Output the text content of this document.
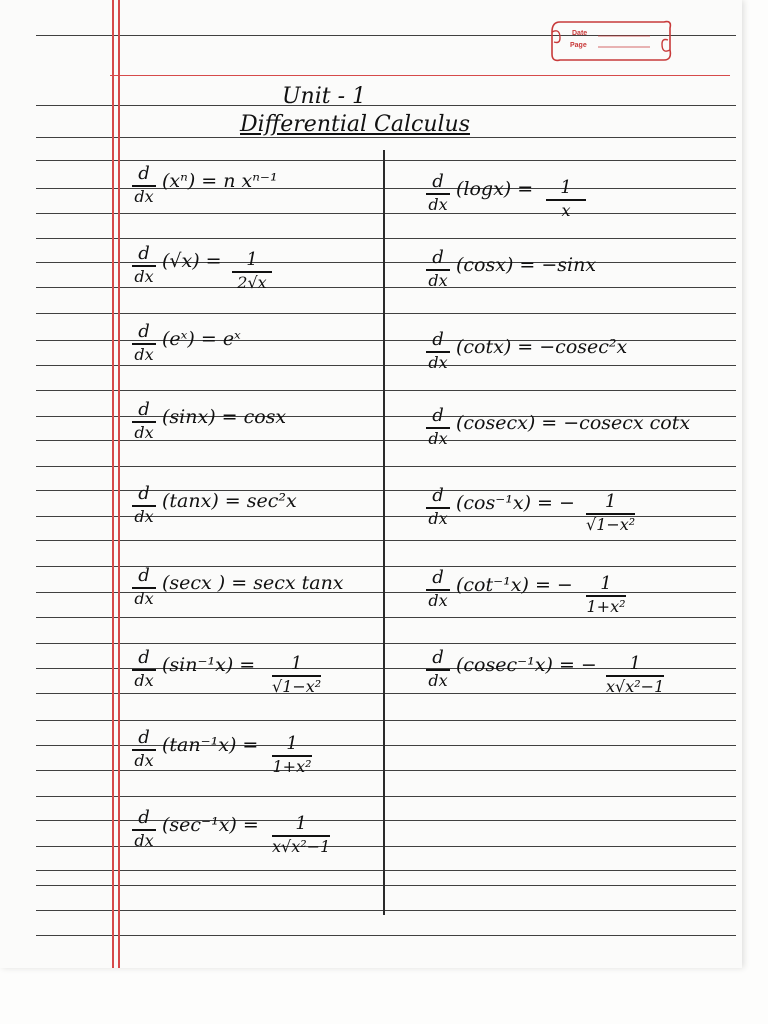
Date
Page
Unit - 1
Differential Calculus
d
dx
(xⁿ) = n xⁿ⁻¹
d
dx
(√x) =	1
2√x
d
dx
(eˣ) = eˣ
d
dx
(sinx) = cosx
d
dx
(tanx) = sec²x
d
dx
(secx ) = secx tanx
d
dx
(sin⁻¹x) =	1
√1−x²
d
dx
(tan⁻¹x) =	1
1+x²
d
dx
(sec⁻¹x) =	1
x√x²−1
d
dx
(logx) =	1
x
d
dx
(cosx) = −sinx
d
dx
(cotx) = −cosec²x
d
dx
(cosecx) = −cosecx cotx
d
dx
(cos⁻¹x) = −	1
√1−x²
d
dx
(cot⁻¹x) = −	1
1+x²
d
dx
(cosec⁻¹x) = −	1
x√x²−1
